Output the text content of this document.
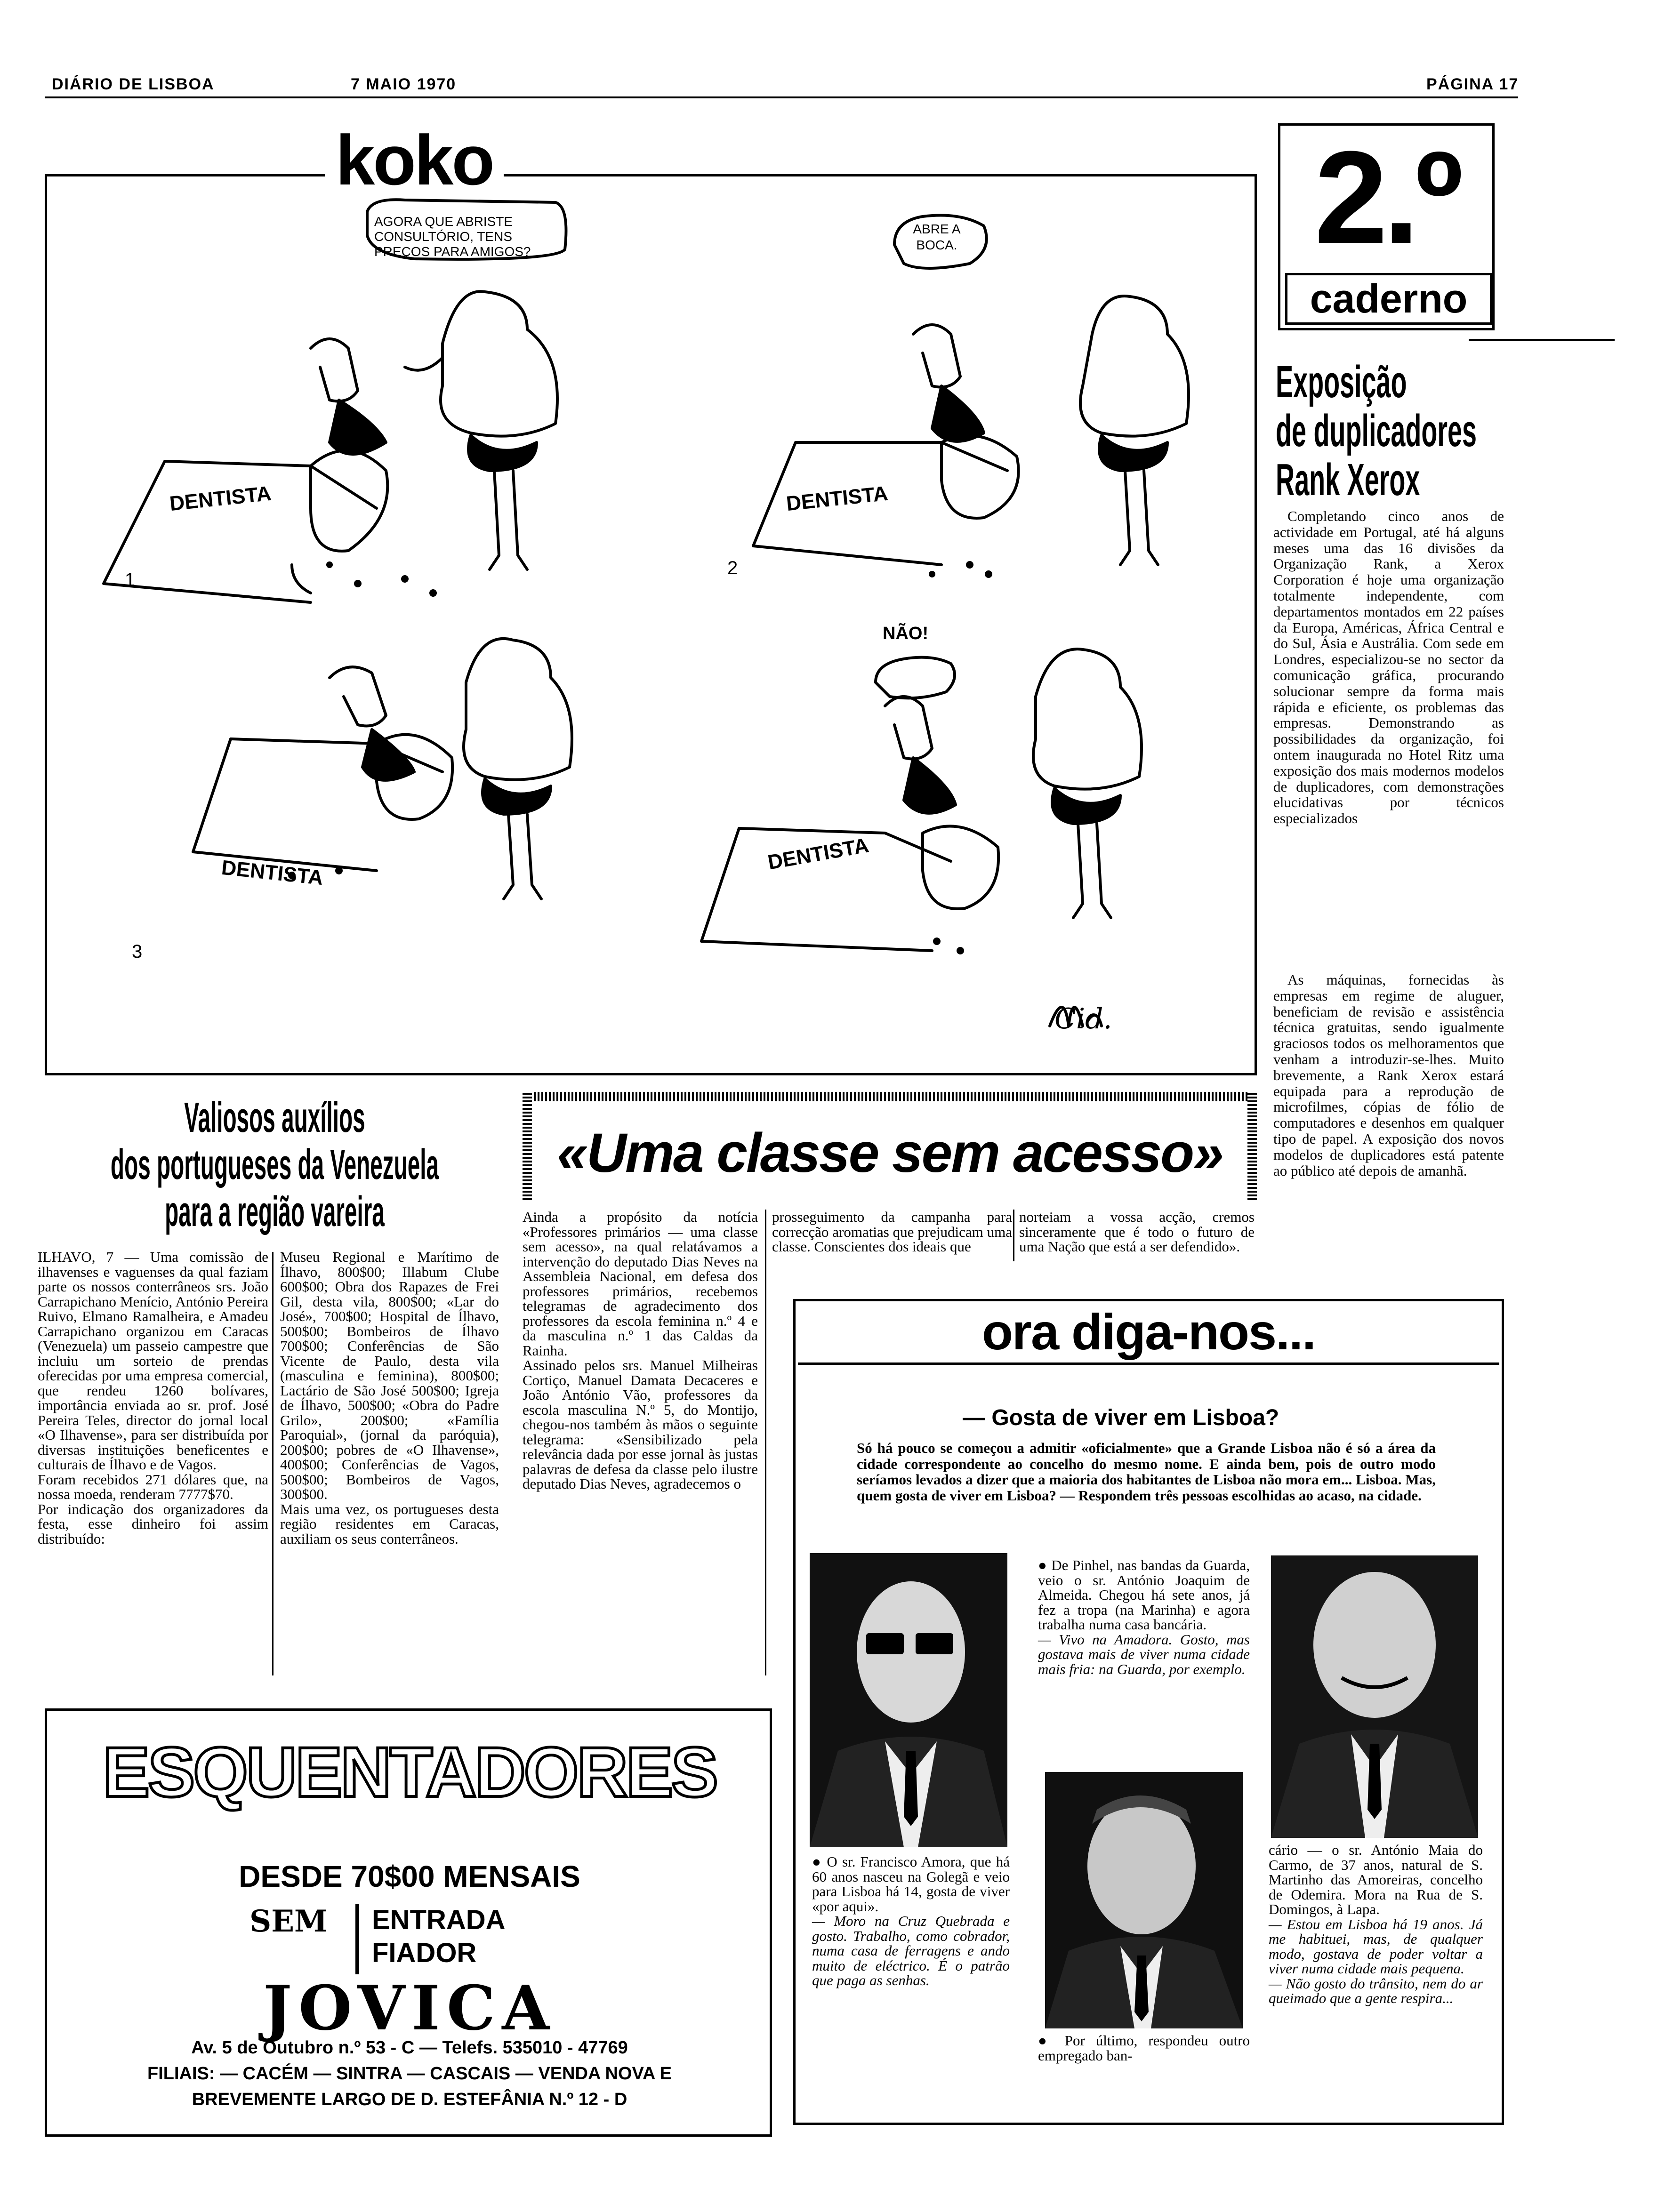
DIÁRIO DE LISBOA	7 MAIO 1970	PÁGINA 17
koko
AGORA QUE ABRISTE CONSULTÓRIO, TENS PREÇOS PARA AMIGOS?
ABRE A BOCA.
NÃO!
DENTISTA	DENTISTA
DENTISTA	DENTISTA
1
2
3
Cid.
2.º
caderno
Exposição
de duplicadores
Rank Xerox
Completando cinco anos de actividade em Portugal, até há alguns meses uma das 16 divisões da Organização Rank, a Xerox Corporation é hoje uma organização totalmente independente, com departamentos montados em 22 países da Europa, Américas, África Central e do Sul, Ásia e Austrália. Com sede em Londres, especializou-se no sector da comunicação gráfica, procurando solucionar sempre da forma mais rápida e eficiente, os problemas das empresas. Demonstrando as possibilidades da organização, foi ontem inaugurada no Hotel Ritz uma exposição dos mais modernos modelos de duplicadores, com demonstrações elucidativas por técnicos especializados
As máquinas, fornecidas às empresas em regime de aluguer, beneficiam de revisão e assistência técnica gratuitas, sendo igualmente graciosos todos os melhoramentos que venham a introduzir-se-lhes. Muito brevemente, a Rank Xerox estará equipada para a reprodução de microfilmes, cópias de fólio de computadores e desenhos em qualquer tipo de papel. A exposição dos novos modelos de duplicadores está patente ao público até depois de amanhã.
Valiosos auxílios
dos portugueses da Venezuela
para a região vareira
ILHAVO, 7 — Uma comissão de ilhavenses e vaguenses da qual faziam parte os nossos conterrâneos srs. João Carrapichano Menício, António Pereira Ruivo, Elmano Ramalheira, e Amadeu Carrapichano organizou em Caracas (Venezuela) um passeio campestre que incluiu um sorteio de prendas oferecidas por uma empresa comercial, que rendeu 1260 bolívares, importância enviada ao sr. prof. José Pereira Teles, director do jornal local «O Ilhavense», para ser distribuída por diversas instituições beneficentes e culturais de Ílhavo e de Vagos.
Foram recebidos 271 dólares que, na nossa moeda, renderam 7777$70.
Por indicação dos organizadores da festa, esse dinheiro foi assim distribuído:
Museu Regional e Marítimo de Ílhavo, 800$00; Illabum Clube 600$00; Obra dos Rapazes de Frei Gil, desta vila, 800$00; «Lar do José», 700$00; Hospital de Ílhavo, 500$00; Bombeiros de Ílhavo 700$00; Conferências de São Vicente de Paulo, desta vila (masculina e feminina), 800$00; Lactário de São José 500$00; Igreja de Ílhavo, 500$00; «Obra do Padre Grilo», 200$00; «Família Paroquial», (jornal da paróquia), 200$00; pobres de «O Ilhavense», 400$00; Conferências de Vagos, 500$00; Bombeiros de Vagos, 300$00.
Mais uma vez, os portugueses desta região residentes em Caracas, auxiliam os seus conterrâneos.
«Uma classe sem acesso»
Ainda a propósito da notícia «Professores primários — uma classe sem acesso», na qual relatávamos a intervenção do deputado Dias Neves na Assembleia Nacional, em defesa dos professores primários, recebemos telegramas de agradecimento dos professores da escola feminina n.º 4 e da masculina n.º 1 das Caldas da Rainha.
Assinado pelos srs. Manuel Milheiras Cortiço, Manuel Damata Decaceres e João António Vão, professores da escola masculina N.º 5, do Montijo, chegou-nos também às mãos o seguinte telegrama: «Sensibilizado pela relevância dada por esse jornal às justas palavras de defesa da classe pelo ilustre deputado Dias Neves, agradecemos o
prosseguimento da campanha para correcção aromatias que prejudicam uma classe. Conscientes dos ideais que
norteiam a vossa acção, cremos sinceramente que é todo o futuro de uma Nação que está a ser defendido».
ora diga-nos...
— Gosta de viver em Lisboa?
Só há pouco se começou a admitir «oficialmente» que a Grande Lisboa não é só a área da cidade correspondente ao concelho do mesmo nome. E ainda bem, pois de outro modo seríamos levados a dizer que a maioria dos habitantes de Lisboa não mora em... Lisboa. Mas, quem gosta de viver em Lisboa? — Respondem três pessoas escolhidas ao acaso, na cidade.
● O sr. Francisco Amora, que há 60 anos nasceu na Golegã e veio para Lisboa há 14, gosta de viver «por aqui».
— Moro na Cruz Quebrada e gosto. Trabalho, como cobrador, numa casa de ferragens e ando muito de eléctrico. É o patrão que paga as senhas.
● De Pinhel, nas bandas da Guarda, veio o sr. António Joaquim de Almeida. Chegou há sete anos, já fez a tropa (na Marinha) e agora trabalha numa casa bancária.
— Vivo na Amadora. Gosto, mas gostava mais de viver numa cidade mais fria: na Guarda, por exemplo.
● Por último, respondeu outro empregado ban-
cário — o sr. António Maia do Carmo, de 37 anos, natural de S. Martinho das Amoreiras, concelho de Odemira. Mora na Rua de S. Domingos, à Lapa.
— Estou em Lisboa há 19 anos. Já me habituei, mas, de qualquer modo, gostava de poder voltar a viver numa cidade mais pequena.
— Não gosto do trânsito, nem do ar queimado que a gente respira...
ESQUENTADORES
DESDE 70$00 MENSAIS
SEM ENTRADA
FIADOR
JOVICA
Av. 5 de Outubro n.º 53 - C — Telefs. 535010 - 47769
FILIAIS: — CACÉM — SINTRA — CASCAIS — VENDA NOVA E
BREVEMENTE LARGO DE D. ESTEFÂNIA N.º 12 - D
